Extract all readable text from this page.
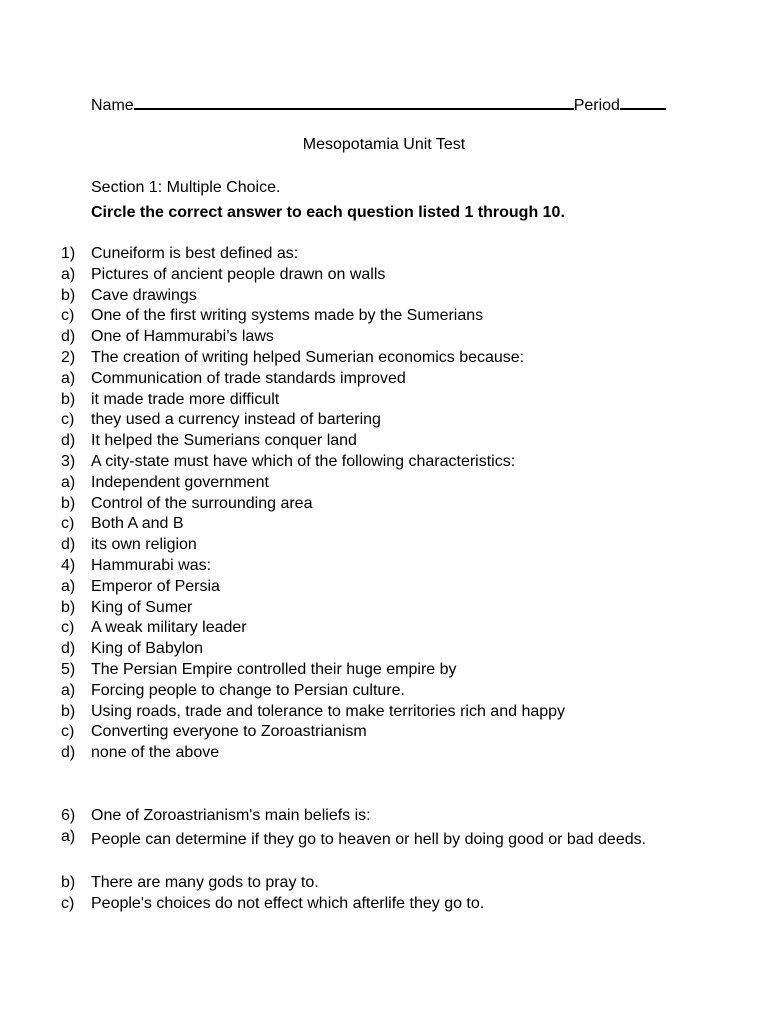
Name	Period
Mesopotamia Unit Test
Section 1: Multiple Choice.
Circle the correct answer to each question listed 1 through 10.
1) Cuneiform is best defined as:
a) Pictures of ancient people drawn on walls
b) Cave drawings
c)	One of the first writing systems made by the Sumerians
d) One of Hammurabi’s laws
2) The creation of writing helped Sumerian economics because:
a) Communication of trade standards improved
b) it made trade more difficult
c)	they used a currency instead of bartering
d) It helped the Sumerians conquer land
3) A city-state must have which of the following characteristics:
a) Independent government
b) Control of the surrounding area
c)	Both A and B
d) its own religion
4) Hammurabi was:
a) Emperor of Persia
b) King of Sumer
c)	A weak military leader
d) King of Babylon
5) The Persian Empire controlled their huge empire by
a) Forcing people to change to Persian culture.
b) Using roads, trade and tolerance to make territories rich and happy
c)	Converting everyone to Zoroastrianism
d) none of the above
6) One of Zoroastrianism's main beliefs is:
a) People can determine if they go to heaven or hell by doing good or bad deeds.
b) There are many gods to pray to.
c)	People's choices do not effect which afterlife they go to.
